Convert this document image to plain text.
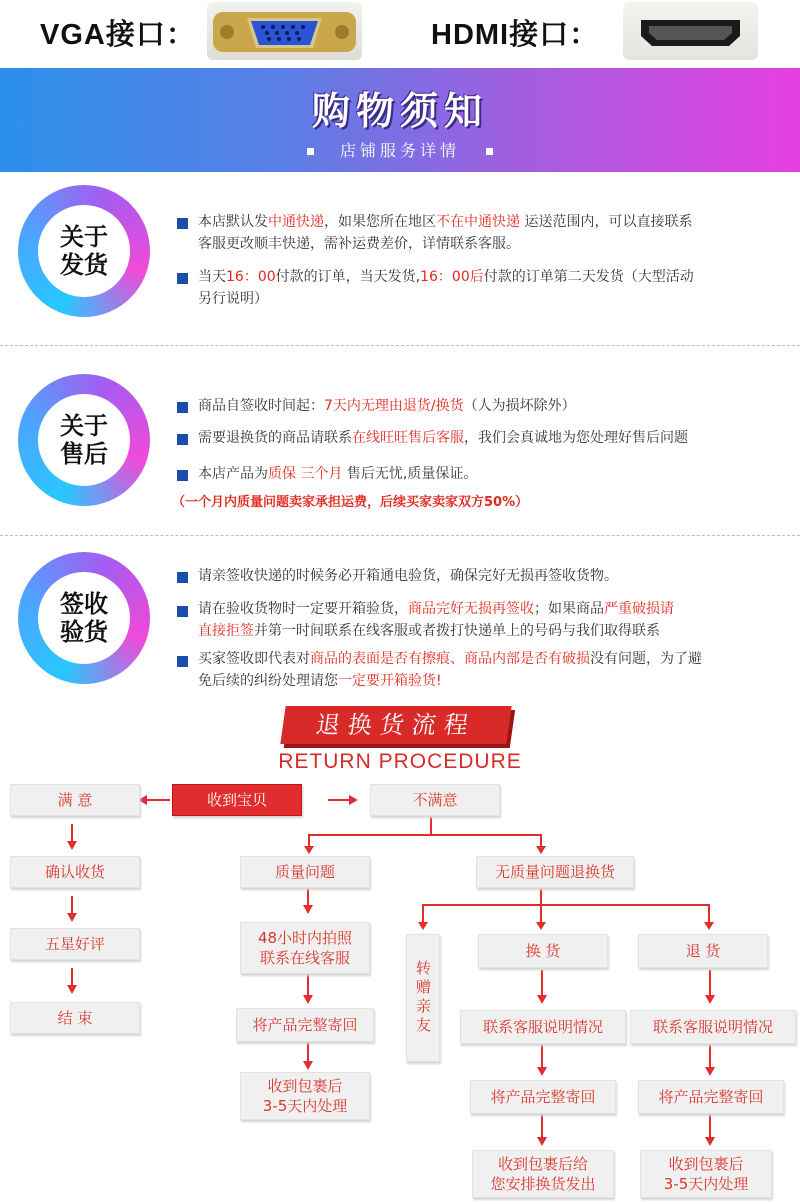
VGA接口：	HDMI接口：
购物须知
店铺服务详情
关于
发货
本店默认发中通快递，如果您所在地区不在中通快递 运送范围内，可以直接联系
客服更改顺丰快递，需补运费差价，详情联系客服。
当天16：00付款的订单，当天发货,16：00后付款的订单第二天发货（大型活动
另行说明）
关于
售后
商品自签收时间起：7天内无理由退货/换货（人为损坏除外）
需要退换货的商品请联系在线旺旺售后客服，我们会真诚地为您处理好售后问题
本店产品为质保 三个月 售后无忧,质量保证。
（一个月内质量问题卖家承担运费，后续买家卖家双方50%）
签收
验货
请亲签收快递的时候务必开箱通电验货，确保完好无损再签收货物。
请在验收货物时一定要开箱验货，商品完好无损再签收；如果商品严重破损请
直接拒签并第一时间联系在线客服或者拨打快递单上的号码与我们取得联系
买家签收即代表对商品的表面是否有擦痕、商品内部是否有破损没有问题，为了避
免后续的纠纷处理请您一定要开箱验货!
退换货流程
RETURN PROCEDURE
满 意	收到宝贝	不满意
确认收货
五星好评
结 束
质量问题	无质量问题退换货
48小时内拍照
联系在线客服
将产品完整寄回
收到包裹后
3-5天内处理
转赠亲友
换 货
联系客服说明情况
将产品完整寄回
收到包裹后给
您安排换货发出
退 货
联系客服说明情况
将产品完整寄回
收到包裹后
3-5天内处理
